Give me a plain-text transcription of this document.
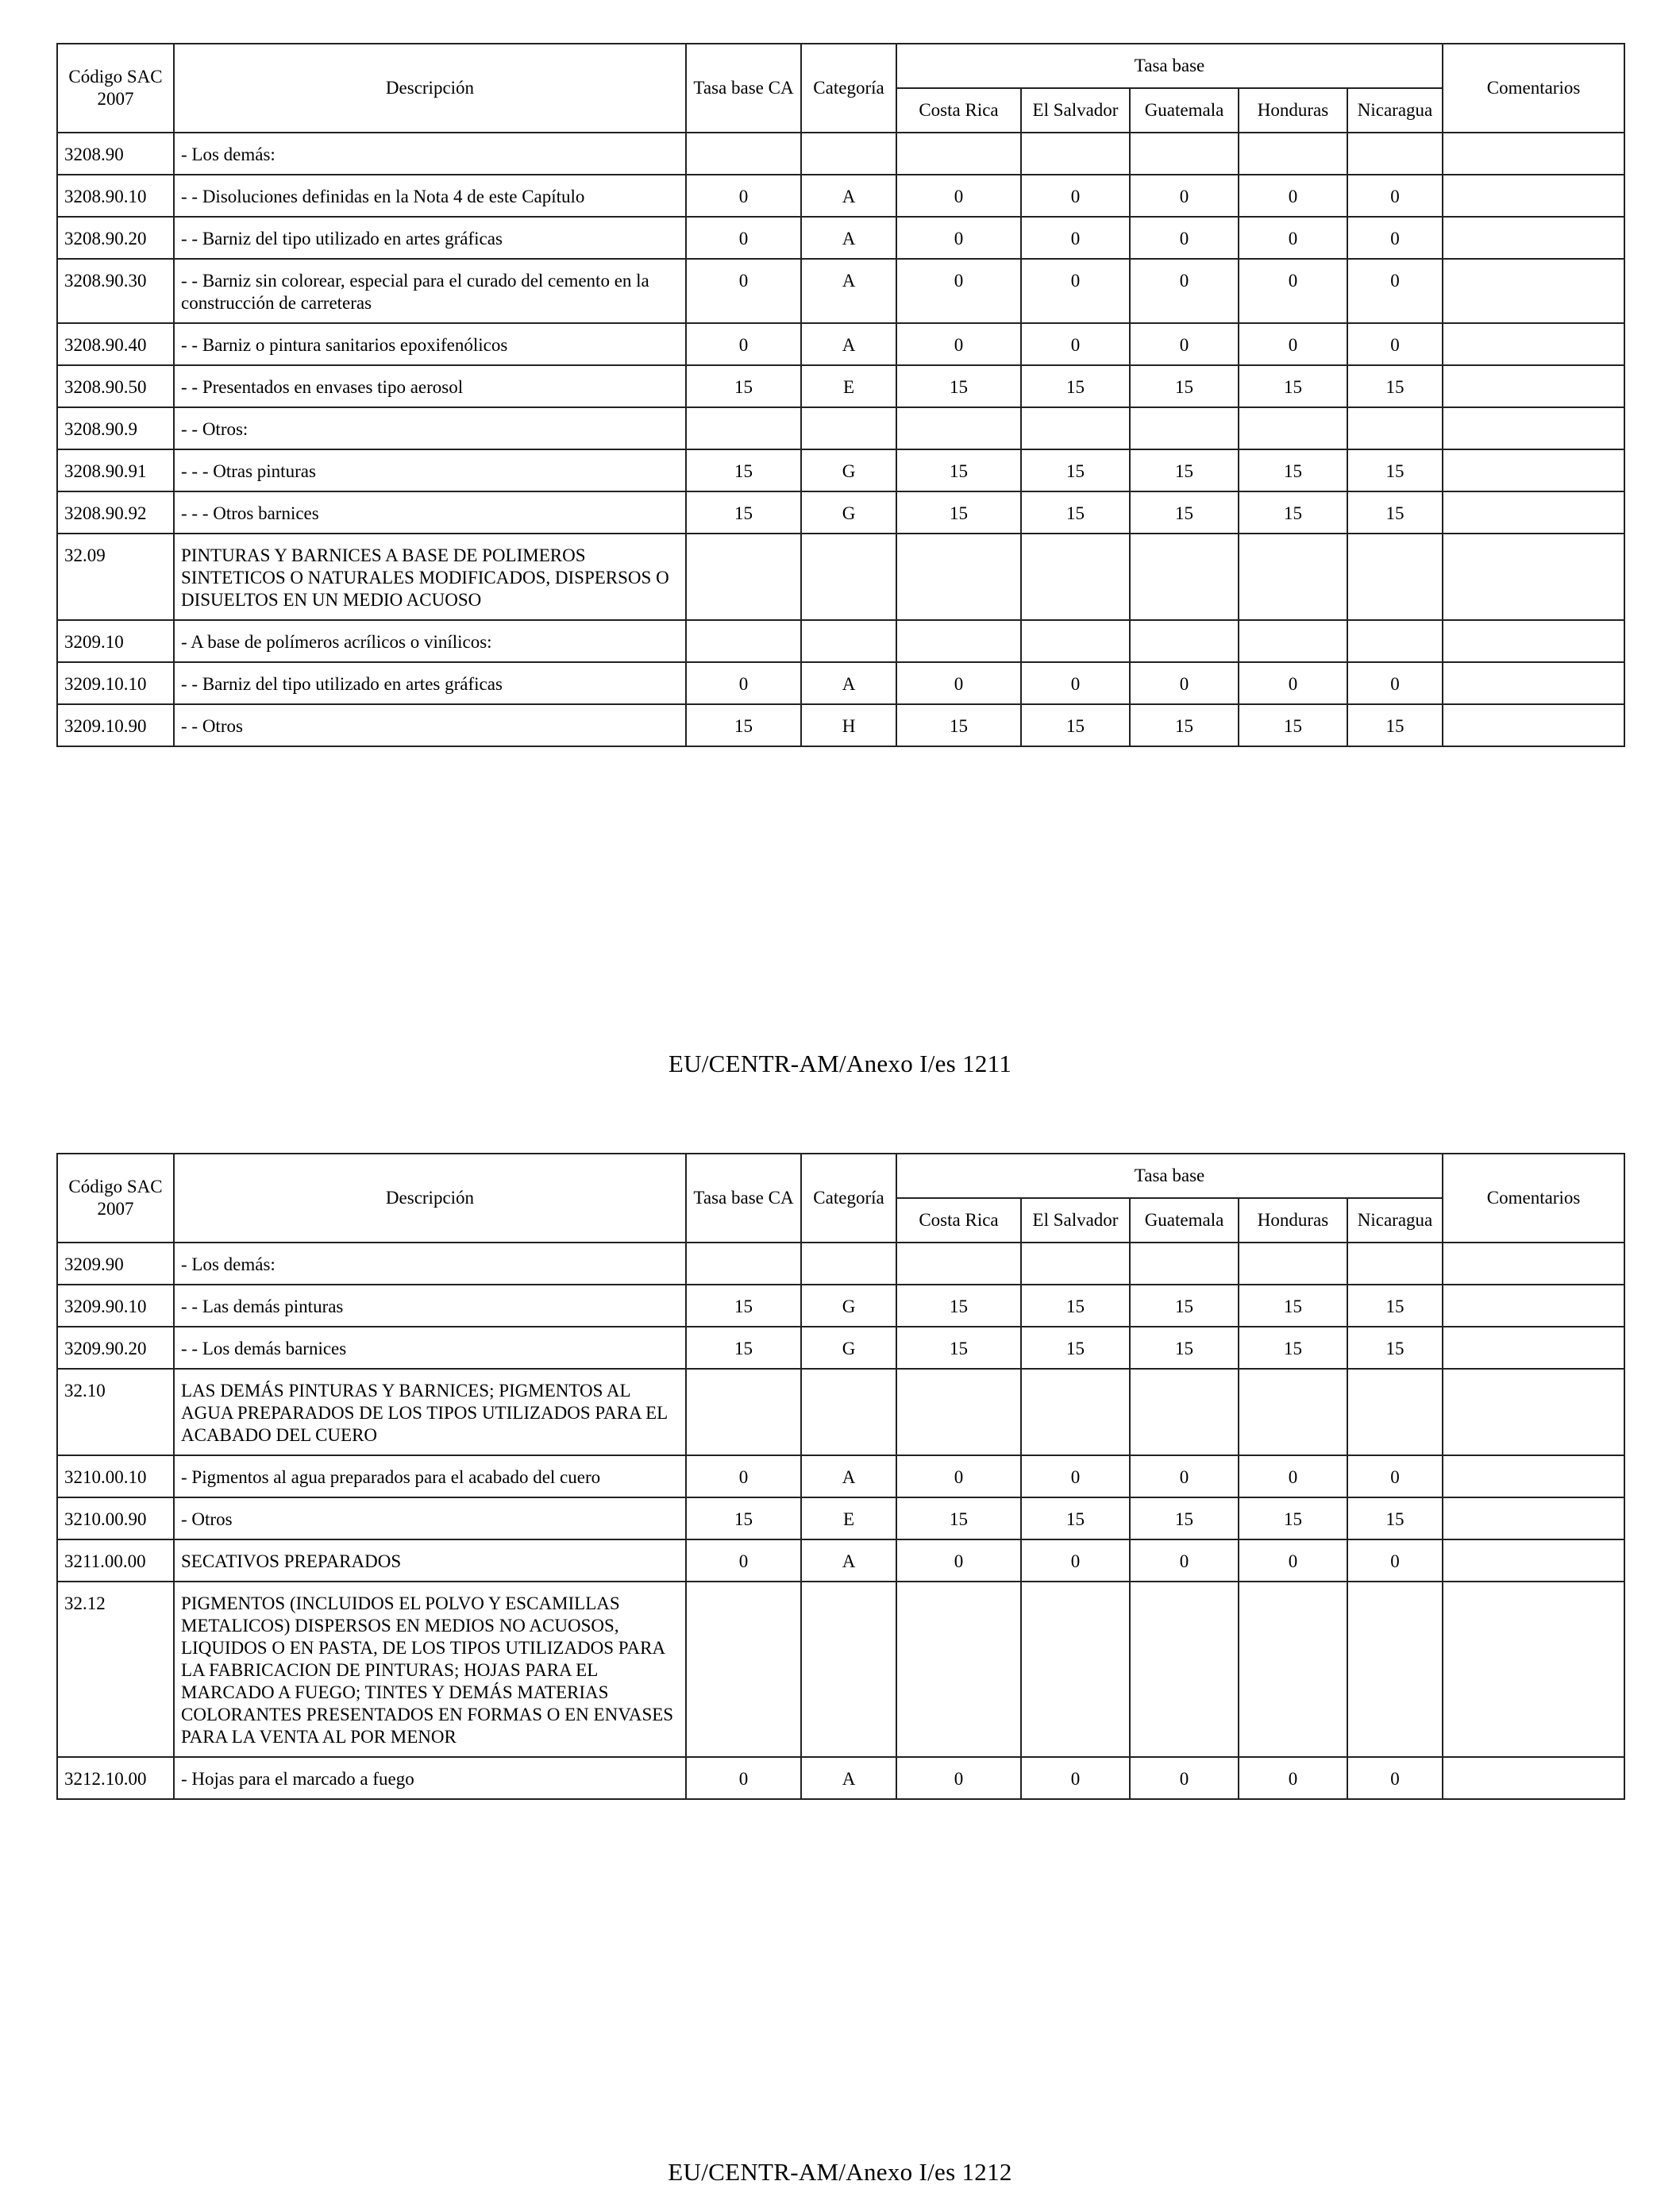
Código SAC 2007	Descripción	Tasa base CA	Categoría	Tasa base					Comentarios
				Costa Rica	El Salvador	Guatemala	Honduras	Nicaragua	
3208.90	- Los demás:								
3208.90.10	- - Disoluciones definidas en la Nota 4 de este Capítulo	0	A	0	0	0	0	0	
3208.90.20	- - Barniz del tipo utilizado en artes gráficas	0	A	0	0	0	0	0	
3208.90.30	- - Barniz sin colorear, especial para el curado del cemento en la construcción de carreteras	0	A	0	0	0	0	0	
3208.90.40	- - Barniz o pintura sanitarios epoxifenólicos	0	A	0	0	0	0	0	
3208.90.50	- - Presentados en envases tipo aerosol	15	E	15	15	15	15	15	
3208.90.9	- - Otros:								
3208.90.91	- - - Otras pinturas	15	G	15	15	15	15	15	
3208.90.92	- - - Otros barnices	15	G	15	15	15	15	15	
32.09	PINTURAS Y BARNICES A BASE DE POLIMEROS SINTETICOS O NATURALES MODIFICADOS, DISPERSOS O DISUELTOS EN UN MEDIO ACUOSO								
3209.10	- A base de polímeros acrílicos o vinílicos:								
3209.10.10	- - Barniz del tipo utilizado en artes gráficas	0	A	0	0	0	0	0	
3209.10.90	- - Otros	15	H	15	15	15	15	15	
EU/CENTR-AM/Anexo I/es 1211
Código SAC 2007	Descripción	Tasa base CA	Categoría	Tasa base					Comentarios
				Costa Rica	El Salvador	Guatemala	Honduras	Nicaragua	
3209.90	- Los demás:								
3209.90.10	- - Las demás pinturas	15	G	15	15	15	15	15	
3209.90.20	- - Los demás barnices	15	G	15	15	15	15	15	
32.10	LAS DEMÁS PINTURAS Y BARNICES; PIGMENTOS AL AGUA PREPARADOS DE LOS TIPOS UTILIZADOS PARA EL ACABADO DEL CUERO								
3210.00.10	- Pigmentos al agua preparados para el acabado del cuero	0	A	0	0	0	0	0	
3210.00.90	- Otros	15	E	15	15	15	15	15	
3211.00.00	SECATIVOS PREPARADOS	0	A	0	0	0	0	0	
32.12	PIGMENTOS (INCLUIDOS EL POLVO Y ESCAMILLAS METALICOS) DISPERSOS EN MEDIOS NO ACUOSOS, LIQUIDOS O EN PASTA, DE LOS TIPOS UTILIZADOS PARA LA FABRICACION DE PINTURAS; HOJAS PARA EL MARCADO A FUEGO; TINTES Y DEMÁS MATERIAS COLORANTES PRESENTADOS EN FORMAS O EN ENVASES PARA LA VENTA AL POR MENOR								
3212.10.00	- Hojas para el marcado a fuego	0	A	0	0	0	0	0	
EU/CENTR-AM/Anexo I/es 1212
